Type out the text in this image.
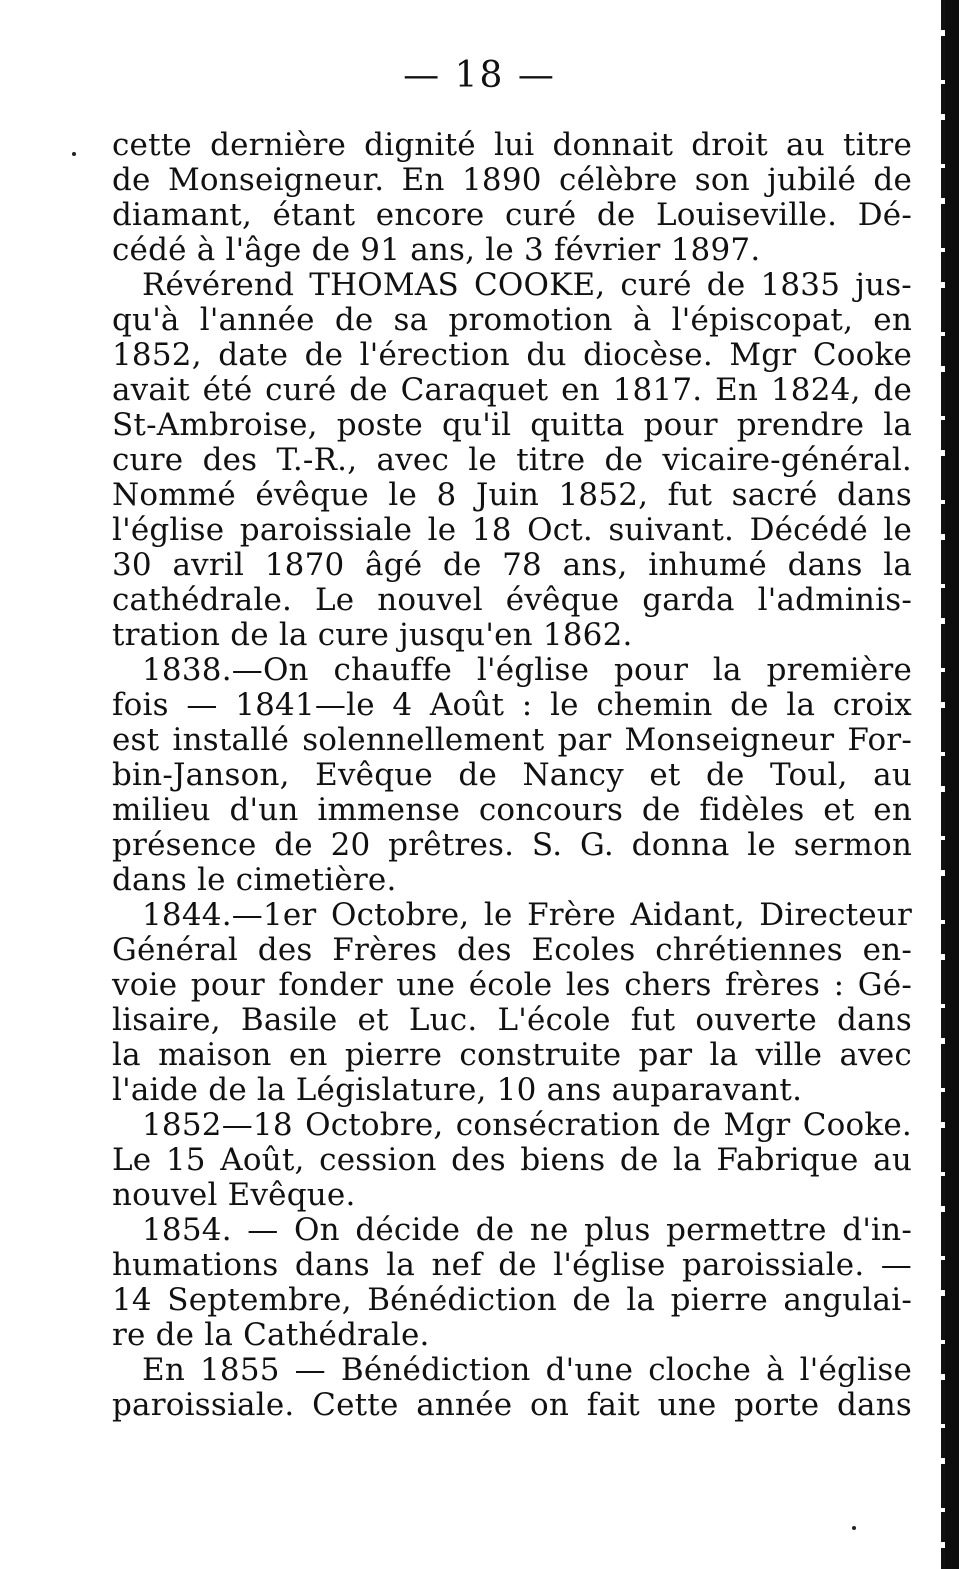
— 18 —
cette dernière dignité lui donnait droit au titre
de Monseigneur. En 1890 célèbre son jubilé de
diamant, étant encore curé de Louiseville. Dé-
cédé à l'âge de 91 ans, le 3 février 1897.
Révérend THOMAS COOKE, curé de 1835 jus-
qu'à l'année de sa promotion à l'épiscopat, en
1852, date de l'érection du diocèse. Mgr Cooke
avait été curé de Caraquet en 1817. En 1824, de
St-Ambroise, poste qu'il quitta pour prendre la
cure des T.-R., avec le titre de vicaire-général.
Nommé évêque le 8 Juin 1852, fut sacré dans
l'église paroissiale le 18 Oct. suivant. Décédé le
30 avril 1870 âgé de 78 ans, inhumé dans la
cathédrale. Le nouvel évêque garda l'adminis-
tration de la cure jusqu'en 1862.
1838.—On chauffe l'église pour la première
fois — 1841—le 4 Août : le chemin de la croix
est installé solennellement par Monseigneur For-
bin-Janson, Evêque de Nancy et de Toul, au
milieu d'un immense concours de fidèles et en
présence de 20 prêtres. S. G. donna le sermon
dans le cimetière.
1844.—1er Octobre, le Frère Aidant, Directeur
Général des Frères des Ecoles chrétiennes en-
voie pour fonder une école les chers frères : Gé-
lisaire, Basile et Luc. L'école fut ouverte dans
la maison en pierre construite par la ville avec
l'aide de la Législature, 10 ans auparavant.
1852—18 Octobre, consécration de Mgr Cooke.
Le 15 Août, cession des biens de la Fabrique au
nouvel Evêque.
1854. — On décide de ne plus permettre d'in-
humations dans la nef de l'église paroissiale. —
14 Septembre, Bénédiction de la pierre angulai-
re de la Cathédrale.
En 1855 — Bénédiction d'une cloche à l'église
paroissiale. Cette année on fait une porte dans
